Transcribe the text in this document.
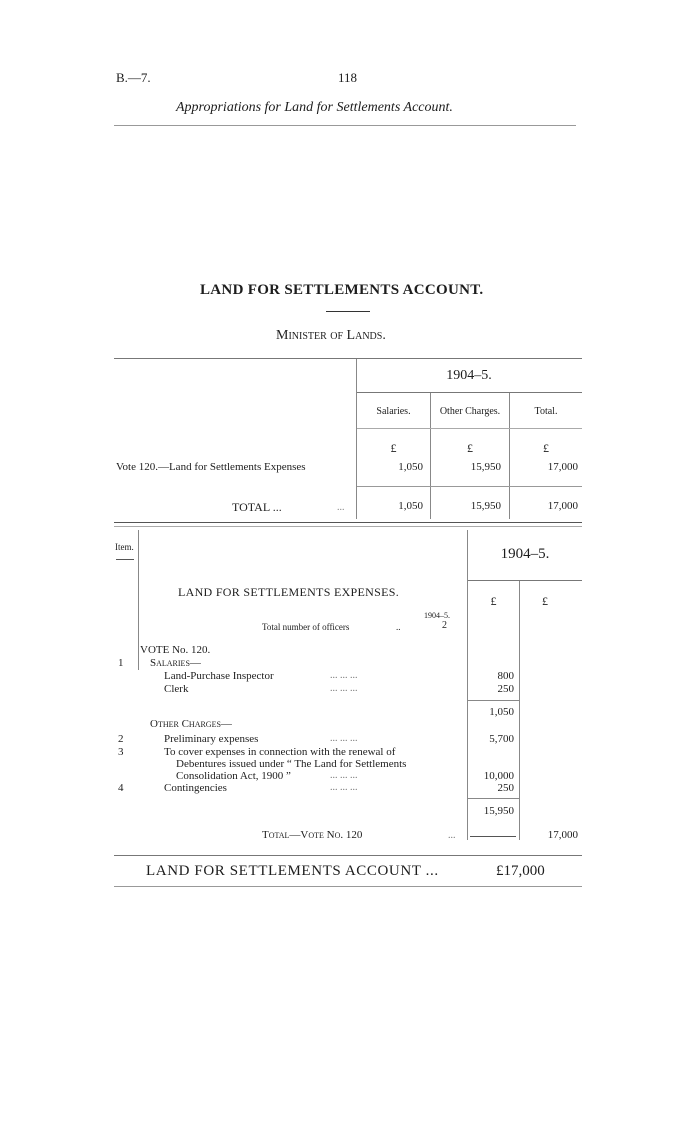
B.—7.	118
Appropriations for Land for Settlements Account.
LAND FOR SETTLEMENTS ACCOUNT.
Minister of Lands.
1904–5.
Salaries.	Other Charges.	Total.
£	£	£
Vote 120.—Land for Settlements Expenses	1,050	15,950	17,000
TOTAL ...	...	1,050	15,950	17,000
Item.	1904–5.
£	£
LAND FOR SETTLEMENTS EXPENSES.
1904–5.
Total number of officers	..	2
VOTE No. 120.
1 Salaries—
Land-Purchase Inspector	... ... ...	800
Clerk	... ... ...	250
1,050
Other Charges—
2	Preliminary expenses	... ... ...	5,700
3	To cover expenses in connection with the renewal of
Debentures issued under “ The Land for Settlements
Consolidation Act, 1900 ”	... ... ...	10,000
4	Contingencies	... ... ...	250
15,950
Total—Vote No. 120	...	17,000
LAND FOR SETTLEMENTS ACCOUNT ...	£17,000
